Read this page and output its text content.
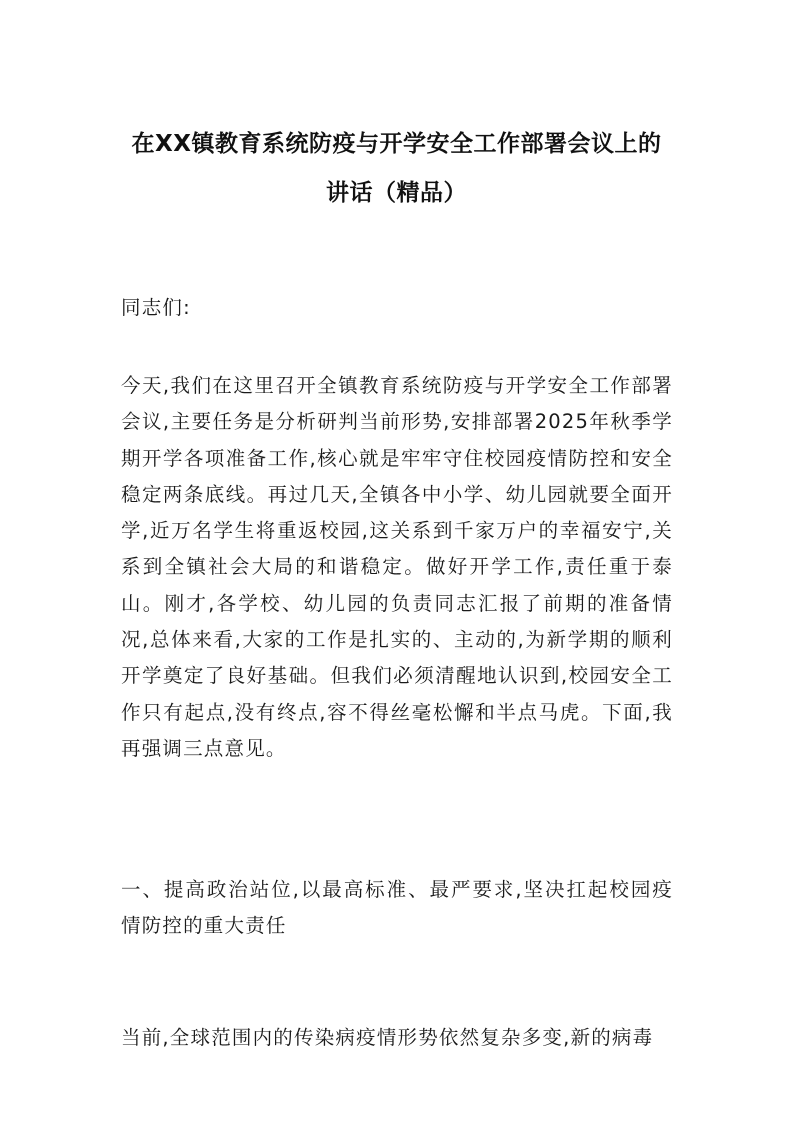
在XX镇教育系统防疫与开学安全工作部署会议上的
讲话（精品）
同志们:
今天,我们在这里召开全镇教育系统防疫与开学安全工作部署会议,主要任务是分析研判当前形势,安排部署2025年秋季学期开学各项准备工作,核心就是牢牢守住校园疫情防控和安全稳定两条底线。再过几天,全镇各中小学、幼儿园就要全面开学,近万名学生将重返校园,这关系到千家万户的幸福安宁,关系到全镇社会大局的和谐稳定。做好开学工作,责任重于泰山。刚才,各学校、幼儿园的负责同志汇报了前期的准备情况,总体来看,大家的工作是扎实的、主动的,为新学期的顺利开学奠定了良好基础。但我们必须清醒地认识到,校园安全工作只有起点,没有终点,容不得丝毫松懈和半点马虎。下面,我再强调三点意见。
一、提高政治站位,以最高标准、最严要求,坚决扛起校园疫情防控的重大责任
当前,全球范围内的传染病疫情形势依然复杂多变,新的病毒
